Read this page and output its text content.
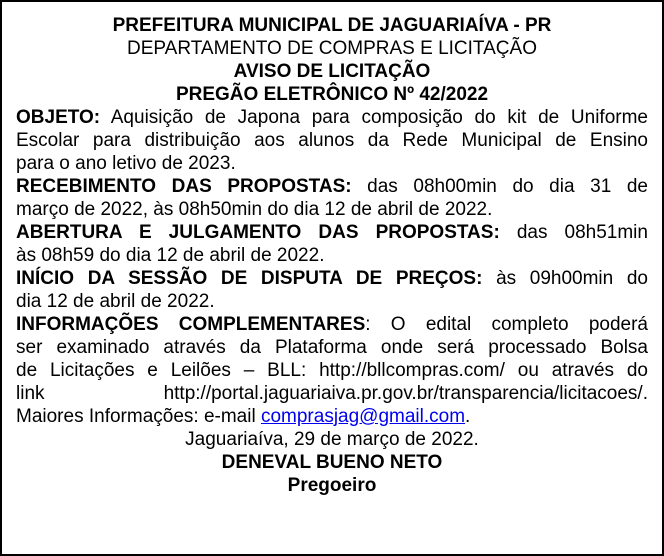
PREFEITURA MUNICIPAL DE JAGUARIAÍVA - PR
DEPARTAMENTO DE COMPRAS E LICITAÇÃO
AVISO DE LICITAÇÃO
PREGÃO ELETRÔNICO Nº 42/2022
OBJETO: Aquisição de Japona para composição do kit de Uniforme
Escolar para distribuição aos alunos da Rede Municipal de Ensino
para o ano letivo de 2023.
RECEBIMENTO DAS PROPOSTAS: das 08h00min do dia 31 de
março de 2022, às 08h50min do dia 12 de abril de 2022.
ABERTURA E JULGAMENTO DAS PROPOSTAS: das 08h51min
às 08h59 do dia 12 de abril de 2022.
INÍCIO DA SESSÃO DE DISPUTA DE PREÇOS: às 09h00min do
dia 12 de abril de 2022.
INFORMAÇÕES COMPLEMENTARES: O edital completo poderá
ser examinado através da Plataforma onde será processado Bolsa
de Licitações e Leilões – BLL: http://bllcompras.com/ ou através do
link	http://portal.jaguariaiva.pr.gov.br/transparencia/licitacoes/.
Maiores Informações: e-mail comprasjag@gmail.com.
Jaguariaíva, 29 de março de 2022.
DENEVAL BUENO NETO
Pregoeiro
